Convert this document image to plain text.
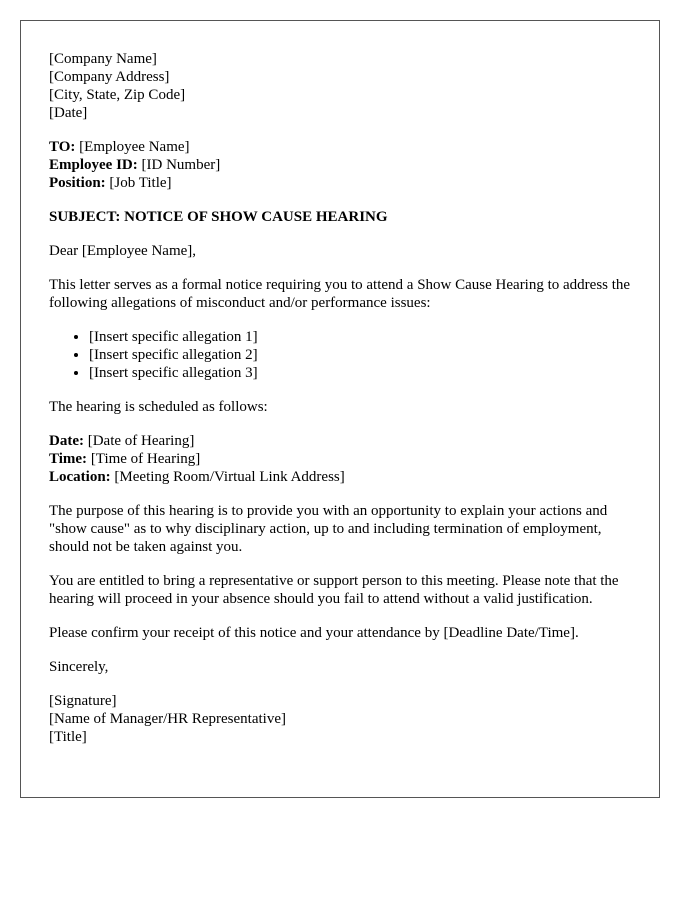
[Company Name]
[Company Address]
[City, State, Zip Code]
[Date]
TO: [Employee Name]
Employee ID: [ID Number]
Position: [Job Title]

SUBJECT: NOTICE OF SHOW CAUSE HEARING

Dear [Employee Name],

This letter serves as a formal notice requiring you to attend a Show Cause Hearing to address the following allegations of misconduct and/or performance issues:

• [Insert specific allegation 1]
• [Insert specific allegation 2]
• [Insert specific allegation 3]

The hearing is scheduled as follows:

Date: [Date of Hearing]
Time: [Time of Hearing]
Location: [Meeting Room/Virtual Link Address]

The purpose of this hearing is to provide you with an opportunity to explain your actions and "show cause" as to why disciplinary action, up to and including termination of employment, should not be taken against you.

You are entitled to bring a representative or support person to this meeting. Please note that the hearing will proceed in your absence should you fail to attend without a valid justification.

Please confirm your receipt of this notice and your attendance by [Deadline Date/Time].

Sincerely,

[Signature]
[Name of Manager/HR Representative]
[Title]
